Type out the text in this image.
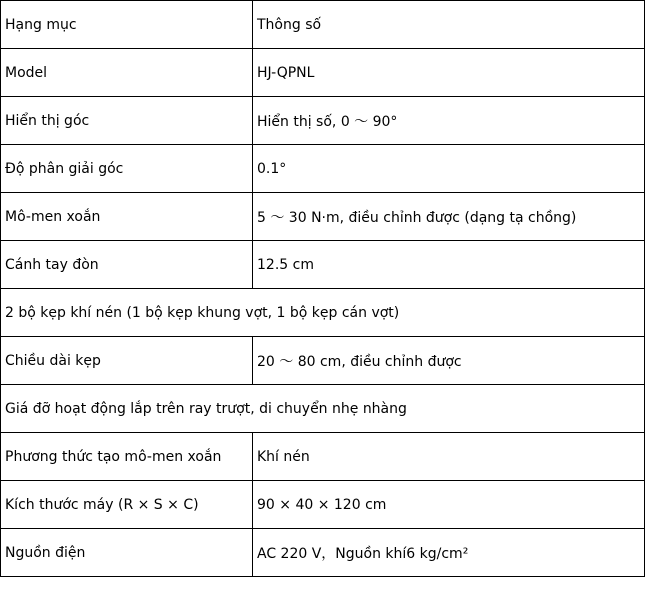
Hạng mục	Thông số
Model	HJ-QPNL
Hiển thị góc	Hiển thị số, 0 ～ 90°
Độ phân giải góc	0.1°
Mô-men xoắn	5 ～ 30 N·m, điều chỉnh được (dạng tạ chồng)
Cánh tay đòn	12.5 cm
2 bộ kẹp khí nén (1 bộ kẹp khung vợt, 1 bộ kẹp cán vợt)	
Chiều dài kẹp	20 ～ 80 cm, điều chỉnh được
Giá đỡ hoạt động lắp trên ray trượt, di chuyển nhẹ nhàng	
Phương thức tạo mô-men xoắn	Khí nén
Kích thước máy (R × S × C)	90 × 40 × 120 cm
Nguồn điện	AC 220 V，Nguồn khí6 kg/cm²
